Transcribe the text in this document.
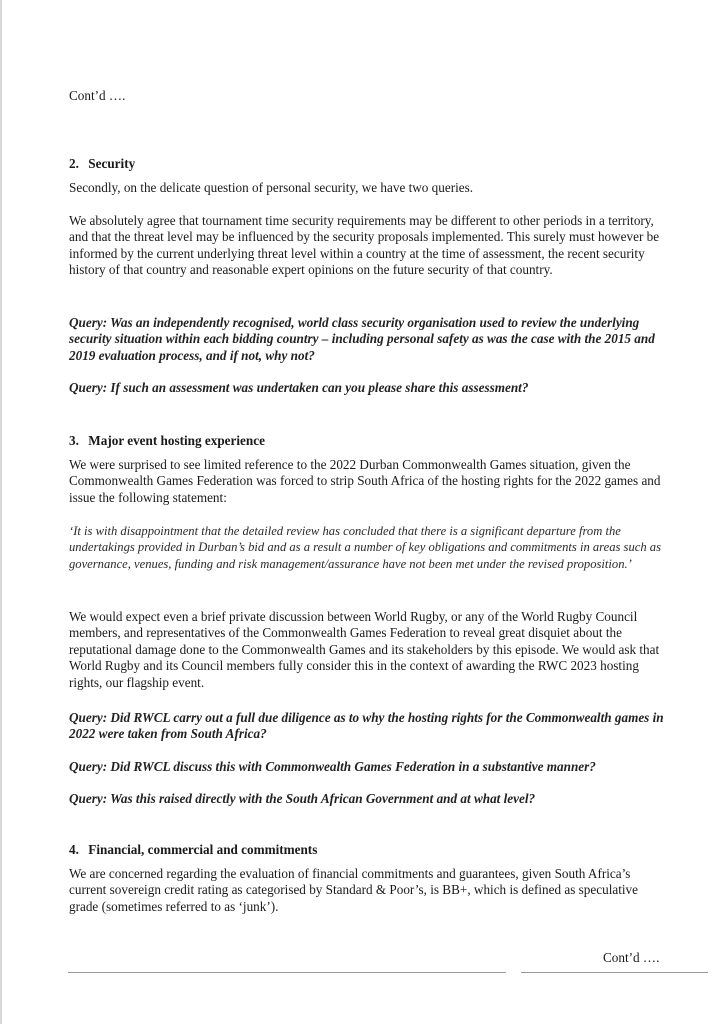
Cont’d ….
2. Security

Secondly, on the delicate question of personal security, we have two queries.

We absolutely agree that tournament time security requirements may be different to other periods in a territory, and that the threat level may be influenced by the security proposals implemented. This surely must however be informed by the current underlying threat level within a country at the time of assessment, the recent security history of that country and reasonable expert opinions on the future security of that country.

Query: Was an independently recognised, world class security organisation used to review the underlying security situation within each bidding country – including personal safety as was the case with the 2015 and 2019 evaluation process, and if not, why not?

Query: If such an assessment was undertaken can you please share this assessment?

3. Major event hosting experience

We were surprised to see limited reference to the 2022 Durban Commonwealth Games situation, given the Commonwealth Games Federation was forced to strip South Africa of the hosting rights for the 2022 games and issue the following statement:

‘It is with disappointment that the detailed review has concluded that there is a significant departure from the undertakings provided in Durban’s bid and as a result a number of key obligations and commitments in areas such as governance, venues, funding and risk management/assurance have not been met under the revised proposition.’

We would expect even a brief private discussion between World Rugby, or any of the World Rugby Council members, and representatives of the Commonwealth Games Federation to reveal great disquiet about the reputational damage done to the Commonwealth Games and its stakeholders by this episode. We would ask that World Rugby and its Council members fully consider this in the context of awarding the RWC 2023 hosting rights, our flagship event.

Query: Did RWCL carry out a full due diligence as to why the hosting rights for the Commonwealth games in 2022 were taken from South Africa?

Query: Did RWCL discuss this with Commonwealth Games Federation in a substantive manner?

Query: Was this raised directly with the South African Government and at what level?

4. Financial, commercial and commitments

We are concerned regarding the evaluation of financial commitments and guarantees, given South Africa’s current sovereign credit rating as categorised by Standard & Poor’s, is BB+, which is defined as speculative grade (sometimes referred to as ‘junk’).

Cont’d ….
